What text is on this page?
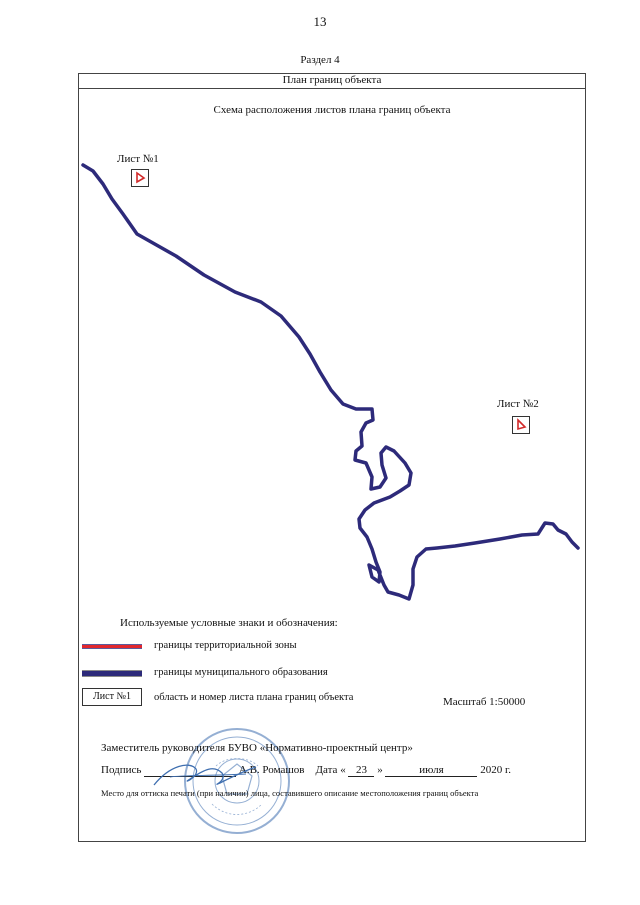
13
Раздел 4
План границ объекта
Схема расположения листов плана границ объекта
Лист №1
Лист №2
Используемые условные знаки и обозначения:
границы территориальной зоны
границы муниципального образования
Лист №1	область и номер листа плана границ объекта	Масштаб 1:50000
Заместитель руководителя БУВО «Нормативно-проектный центр»
Подпись	А.В. Ромашов Дата « 23 »	июля	2020 г.
Место для оттиска печати (при наличии) лица, составившего описание местоположения границ объекта
